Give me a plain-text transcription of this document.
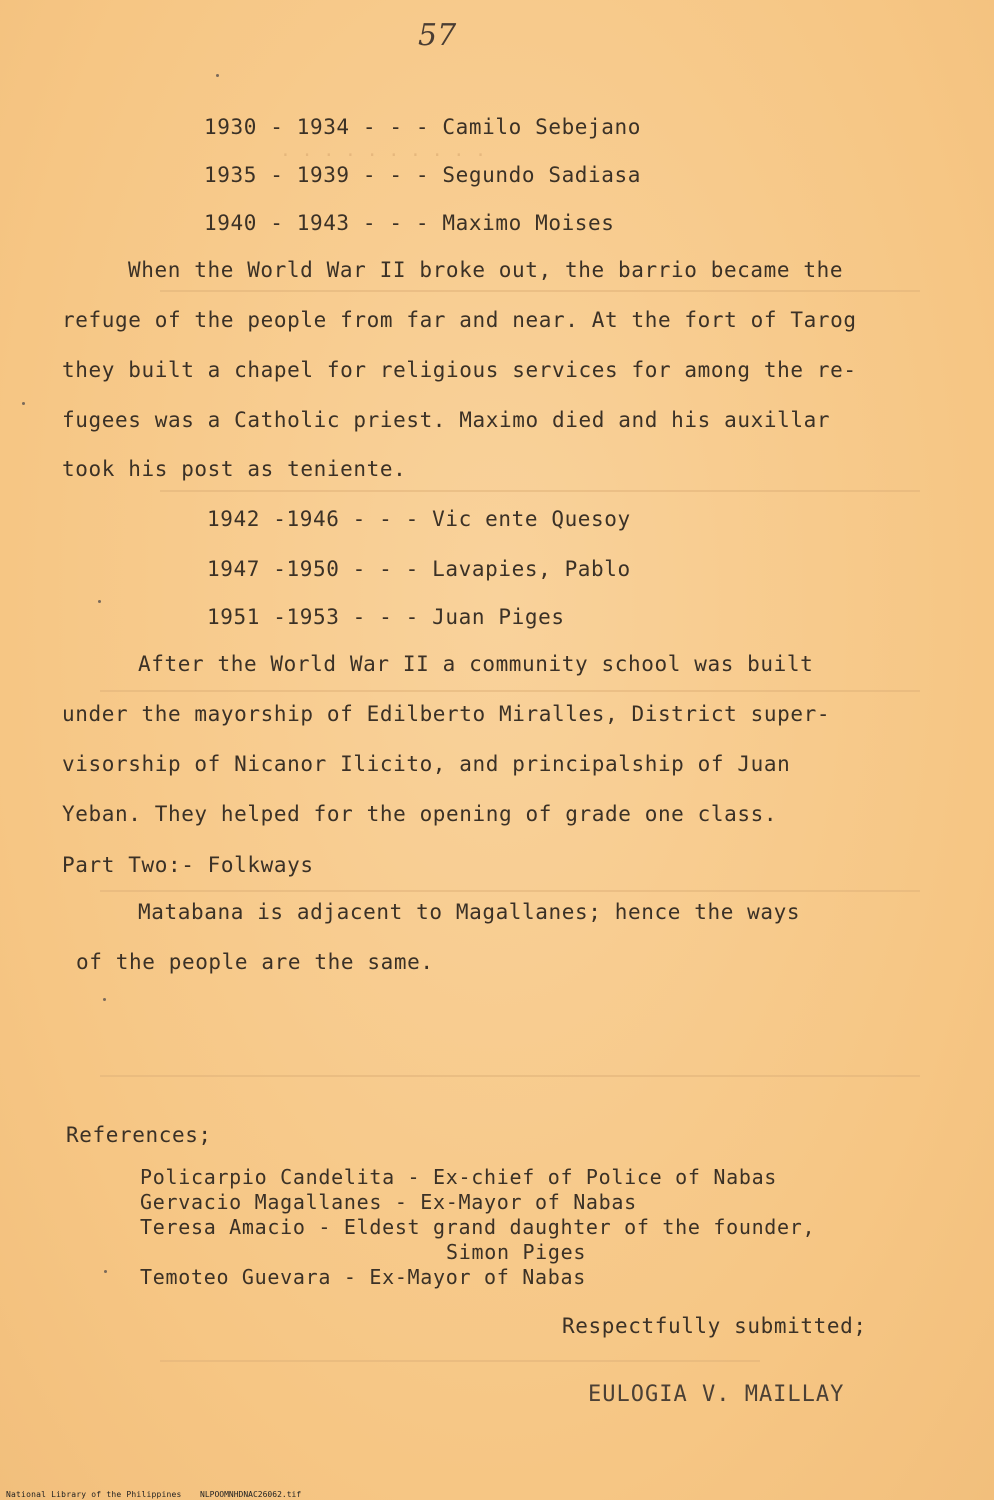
. . . . . . . . . .
57
1930 - 1934 - - - Camilo Sebejano
1935 - 1939 - - - Segundo Sadiasa
1940 - 1943 - - - Maximo Moises
When the World War II broke out, the barrio became the
refuge of the people from far and near. At the fort of Tarog
they built a chapel for religious services for among the re-
fugees was a Catholic priest. Maximo died and his auxillar
took his post as teniente.
1942 -1946 - - - Vic ente Quesoy
1947 -1950 - - - Lavapies, Pablo
1951 -1953 - - - Juan Piges
After the World War II a community school was built
under the mayorship of Edilberto Miralles, District super-
visorship of Nicanor Ilicito, and principalship of Juan
Yeban. They helped for the opening of grade one class.
Part Two:- Folkways
Matabana is adjacent to Magallanes; hence the ways
of the people are the same.
References;
Policarpio Candelita - Ex-chief of Police of Nabas
Gervacio Magallanes - Ex-Mayor of Nabas
Teresa Amacio - Eldest grand daughter of the founder,
Simon Piges
Temoteo Guevara - Ex-Mayor of Nabas
Respectfully submitted;
EULOGIA V. MAILLAY
National Library of the Philippines NLPOOMNHDNAC26062.tif
